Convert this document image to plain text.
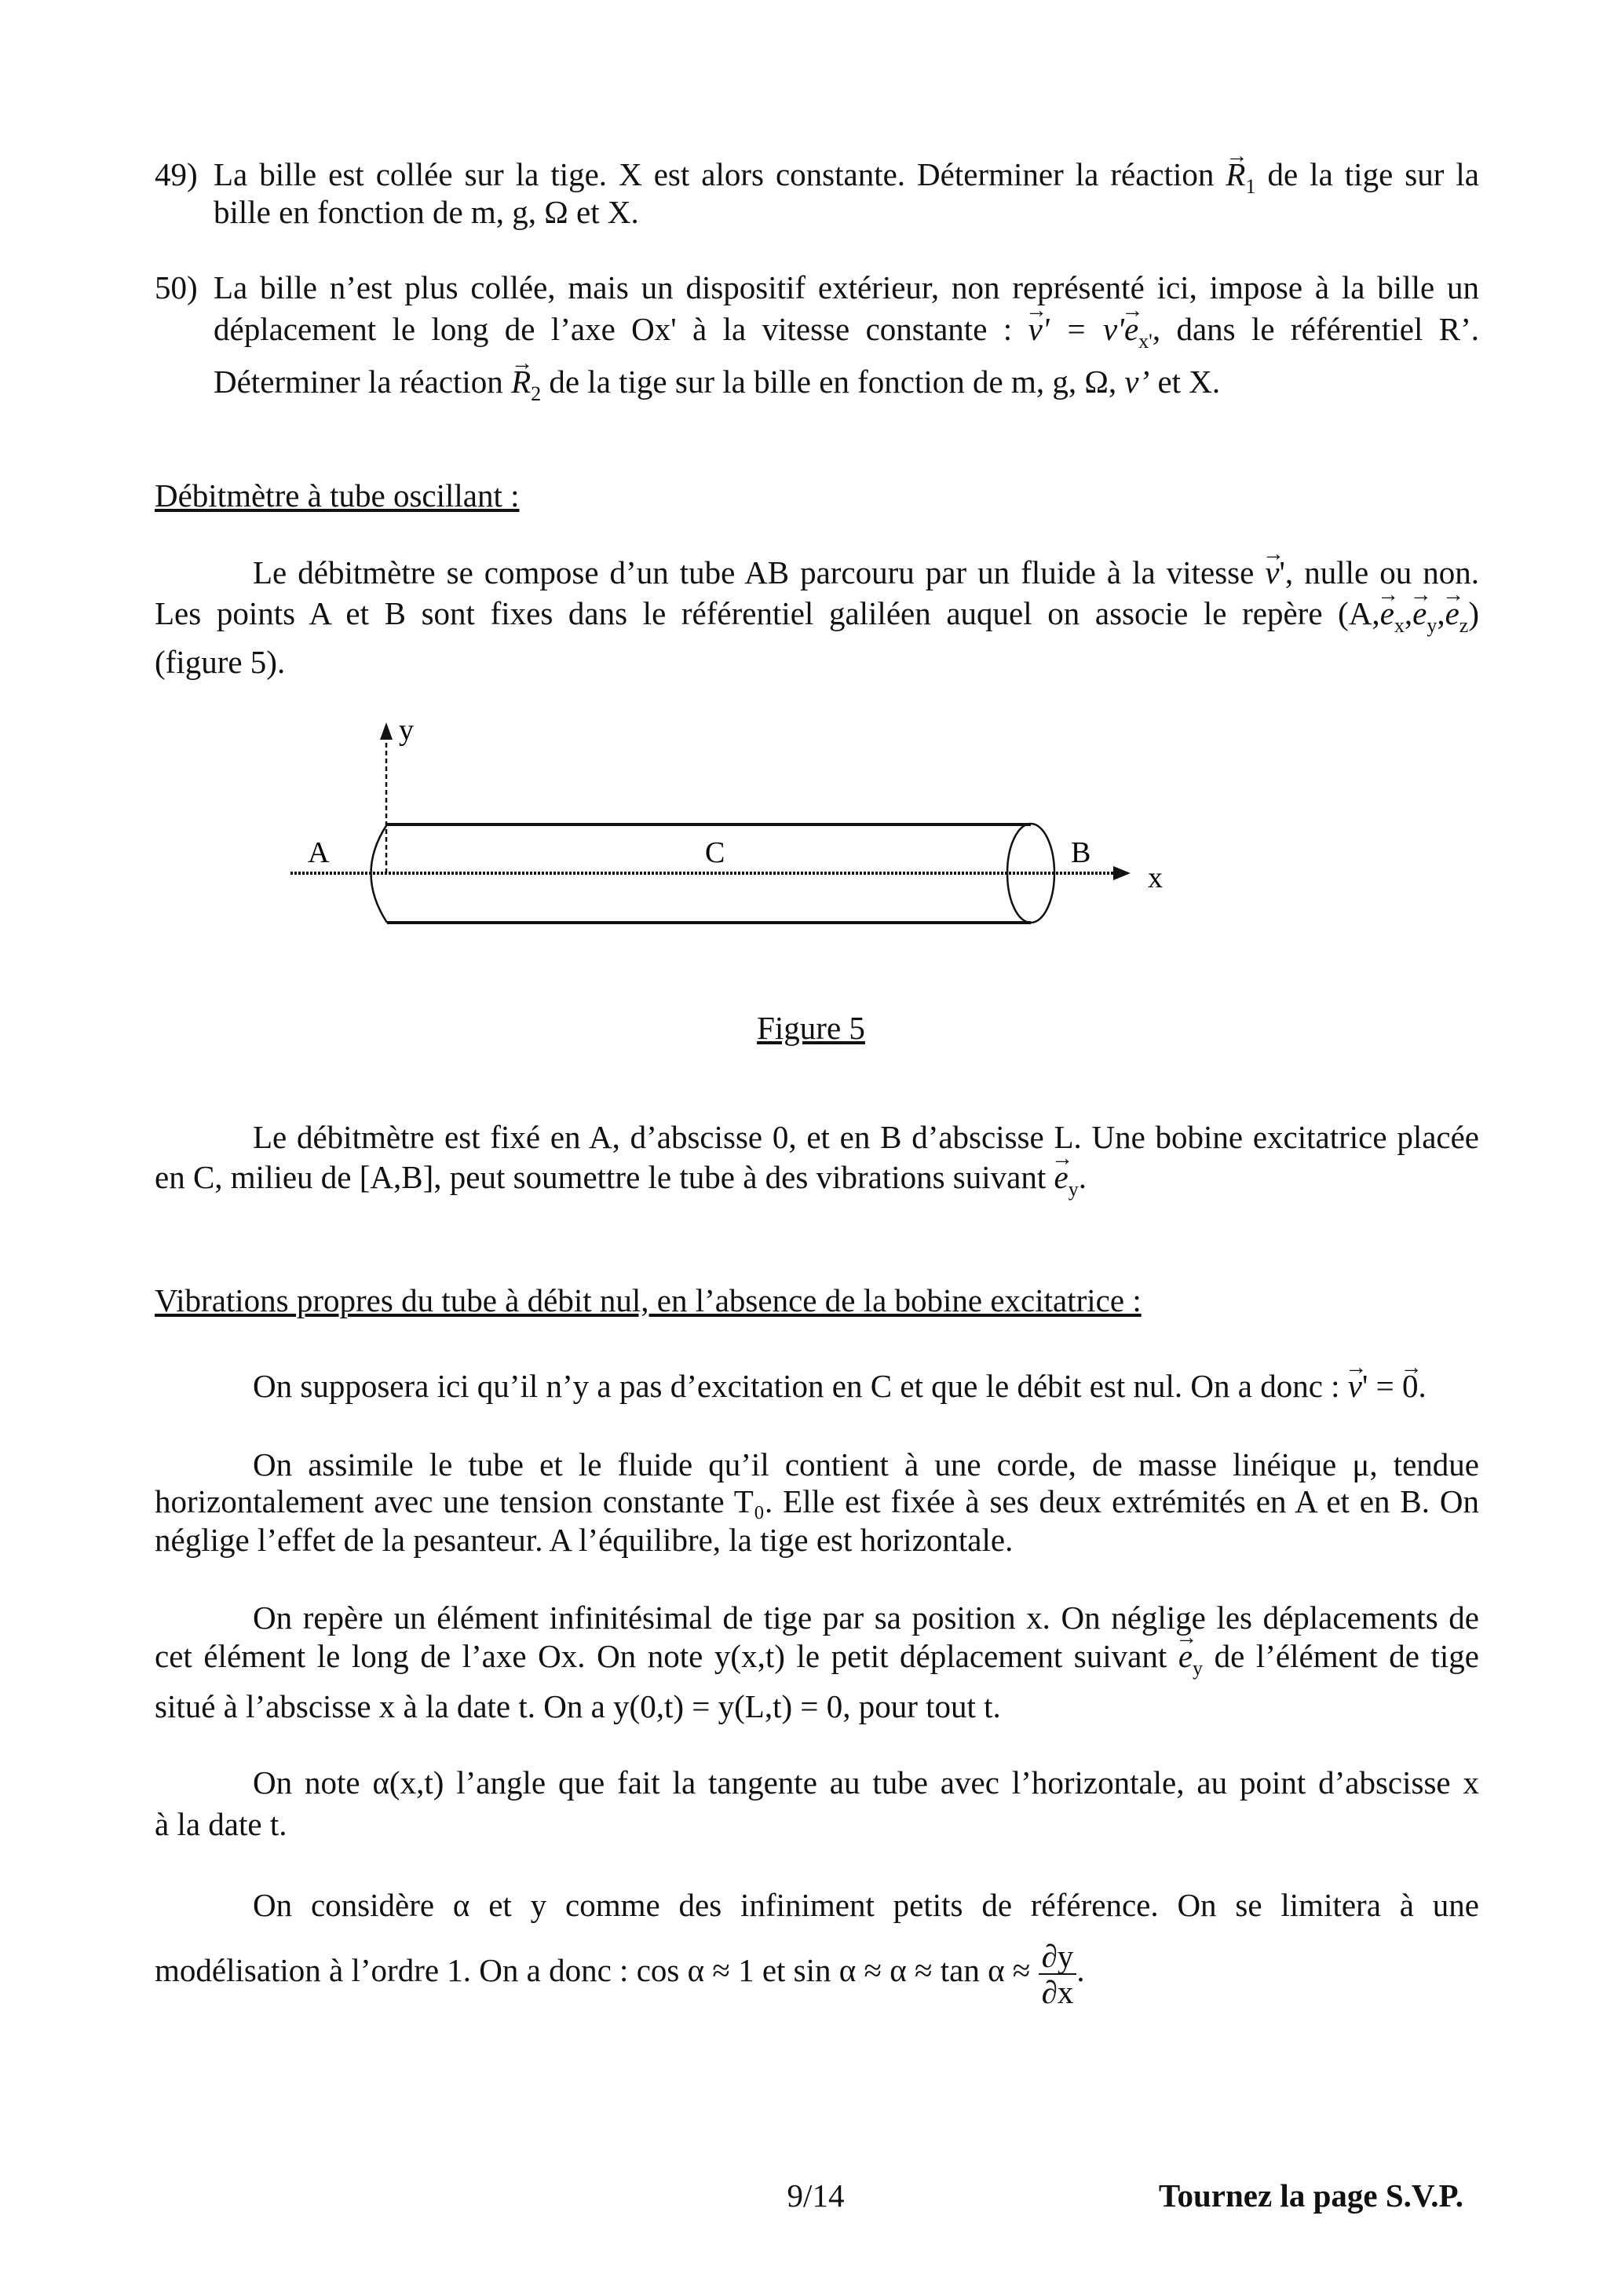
49) La bille est collée sur la tige. X est alors constante. Déterminer la réaction → $R_1$ de la tige sur la
bille en fonction de m, g, Ω et X.
50) La bille n’est plus collée, mais un dispositif extérieur, non représenté ici, impose à la bille un
déplacement le long de l’axe Ox' à la vitesse constante : → $v' = v'\to e_{x'}$, dans le référentiel R’.
Déterminer la réaction → $R_2$ de la tige sur la bille en fonction de m, g, Ω, v’ et X.
Débitmètre à tube oscillant :
Le débitmètre se compose d’un tube AB parcouru par un fluide à la vitesse → v', nulle ou non.
Les points A et B sont fixes dans le référentiel galiléen auquel on associe le repère $(A,\to e_x,\to e_y,\to e_z)$
(figure 5).
y
x
A	C	B
Figure 5
Le débitmètre est fixé en A, d’abscisse 0, et en B d’abscisse L. Une bobine excitatrice placée
en C, milieu de [A,B], peut soumettre le tube à des vibrations suivant → $e_y$.
Vibrations propres du tube à débit nul, en l’absence de la bobine excitatrice :
On supposera ici qu’il n’y a pas d’excitation en C et que le débit est nul. On a donc : → v' = → 0.
On assimile le tube et le fluide qu’il contient à une corde, de masse linéique μ, tendue
horizontalement avec une tension constante T₀. Elle est fixée à ses deux extrémités en A et en B. On
néglige l’effet de la pesanteur. A l’équilibre, la tige est horizontale.
On repère un élément infinitésimal de tige par sa position x. On néglige les déplacements de
cet élément le long de l’axe Ox. On note y(x,t) le petit déplacement suivant → $e_y$ de l’élément de tige
situé à l’abscisse x à la date t. On a y(0,t) = y(L,t) = 0, pour tout t.
On note α(x,t) l’angle que fait la tangente au tube avec l’horizontale, au point d’abscisse x
à la date t.
On considère α et y comme des infiniment petits de référence. On se limitera à une
modélisation à l’ordre 1. On a donc : cos α ≈ 1 et $\sin \alpha \approx \alpha \approx \tan \alpha \approx \frac{\partial y}{\partial x}$ .
9/14	Tournez la page S.V.P.
